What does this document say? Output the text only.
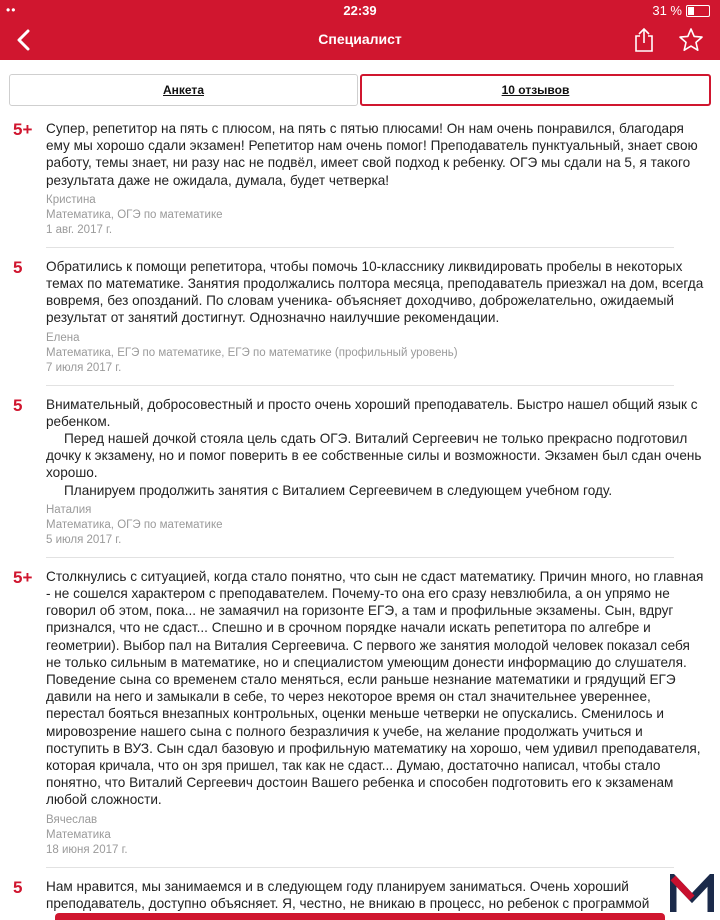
••	22:39	31 %
Специалист
Анкета	10 отзывов
5+ Супер, репетитор на пять с плюсом, на пять с пятью плюсами! Он нам очень понравился, благодаря ему мы хорошо сдали экзамен! Репетитор нам очень помог! Преподаватель пунктуальный, знает свою работу, темы знает, ни разу нас не подвёл, имеет свой подход к ребенку. ОГЭ мы сдали на 5, я такого результата даже не ожидала, думала, будет четверка!

Кристина
Математика, ОГЭ по математике
1 авг. 2017 г.
5 Обратились к помощи репетитора, чтобы помочь 10-класснику ликвидировать пробелы в некоторых темах по математике. Занятия продолжались полтора месяца, преподаватель приезжал на дом, всегда вовремя, без опозданий. По словам ученика- объясняет доходчиво, доброжелательно, ожидаемый результат от занятий достигнут. Однозначно наилучшие рекомендации.

Елена
Математика, ЕГЭ по математике, ЕГЭ по математике (профильный уровень)
7 июля 2017 г.
5 Внимательный, добросовестный и просто очень хороший преподаватель. Быстро нашел общий язык с ребенком.

Перед нашей дочкой стояла цель сдать ОГЭ. Виталий Сергеевич не только прекрасно подготовил дочку к экзамену, но и помог поверить в ее собственные силы и возможности. Экзамен был сдан очень хорошо.

Планируем продолжить занятия с Виталием Сергеевичем в следующем учебном году.

Наталия
Математика, ОГЭ по математике
5 июля 2017 г.
5+ Столкнулись с ситуацией, когда стало понятно, что сын не сдаст математику. Причин много, но главная - не сошелся характером с преподавателем. Почему-то она его сразу невзлюбила, а он упрямо не говорил об этом, пока... не замаячил на горизонте ЕГЭ, а там и профильные экзамены. Сын, вдруг признался, что не сдаст... Спешно и в срочном порядке начали искать репетитора по алгебре и геометрии). Выбор пал на Виталия Сергеевича. С первого же занятия молодой человек показал себя не только сильным в математике, но и специалистом умеющим донести информацию до слушателя. Поведение сына со временем стало меняться, если раньше незнание математики и грядущий ЕГЭ давили на него и замыкали в себе, то через некоторое время он стал значительнее увереннее, перестал бояться внезапных контрольных, оценки меньше четверки не опускались. Сменилось и мировозрение нашего сына с полного безразличия к учебе, на желание продолжать учиться и поступить в ВУЗ. Сын сдал базовую и профильную математику на хорошо, чем удивил преподавателя, которая кричала, что он зря пришел, так как не сдаст... Думаю, достаточно написал, чтобы стало понятно, что Виталий Сергеевич достоин Вашего ребенка и способен подготовить его к экзаменам любой сложности.

Вячеслав
Математика
18 июня 2017 г.
5 Нам нравится, мы занимаемся и в следующем году планируем заниматься. Очень хороший преподаватель, доступно объясняет. Я, честно, не вникаю в процесс, но ребенок с программой
